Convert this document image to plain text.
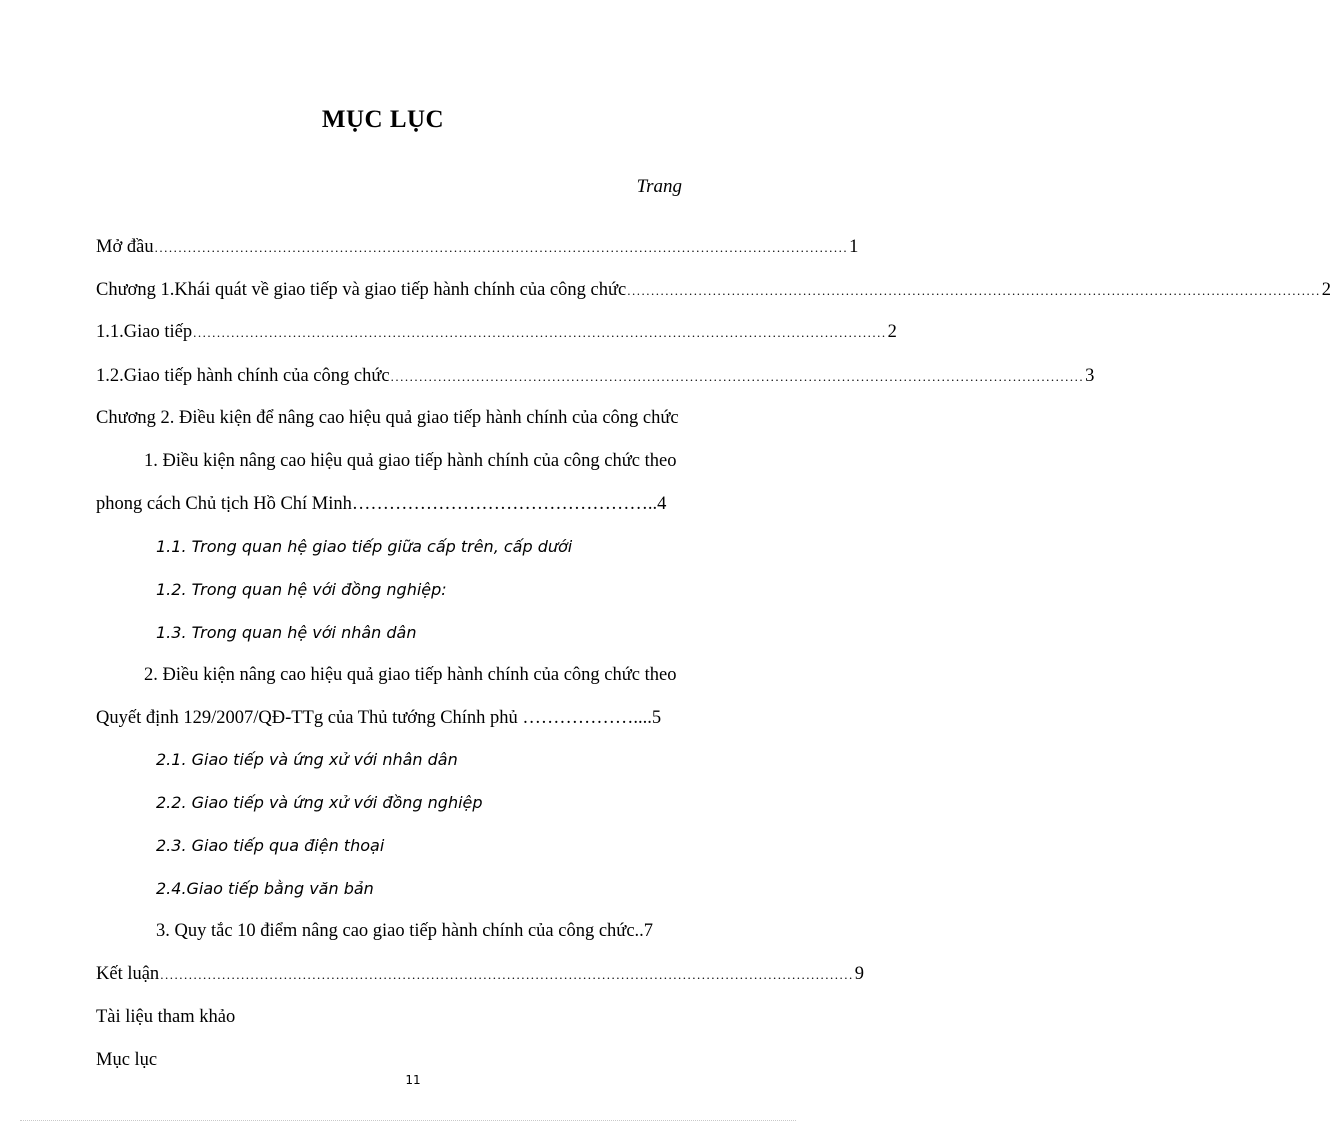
MỤC LỤC
Trang
Mở đầu .................................................................................................................................................. 1
Chương 1.Khái quát về giao tiếp và giao tiếp hành chính của công chức .................................................................................................................................................. 2
1.1. Giao tiếp .................................................................................................................................................. 2
1.2. Giao tiếp hành chính của công chức .................................................................................................................................................. 3
Chương 2. Điều kiện để nâng cao hiệu quả giao tiếp hành chính của công chức
1. Điều kiện nâng cao hiệu quả giao tiếp hành chính của công chức theo
phong cách Chủ tịch Hồ Chí Minh…………………………………………..4
1.1. Trong quan hệ giao tiếp giữa cấp trên, cấp dưới
1.2. Trong quan hệ với đồng nghiệp:
1.3. Trong quan hệ với nhân dân
2. Điều kiện nâng cao hiệu quả giao tiếp hành chính của công chức theo
Quyết định 129/2007/QĐ-TTg của Thủ tướng Chính phủ ………………....5
2.1. Giao tiếp và ứng xử với nhân dân
2.2. Giao tiếp và ứng xử với đồng nghiệp
2.3. Giao tiếp qua điện thoại
2.4.Giao tiếp bằng văn bản
3. Quy tắc 10 điểm nâng cao giao tiếp hành chính của công chức..7
Kết luận .................................................................................................................................................. 9
Tài liệu tham khảo
Mục lục
11
